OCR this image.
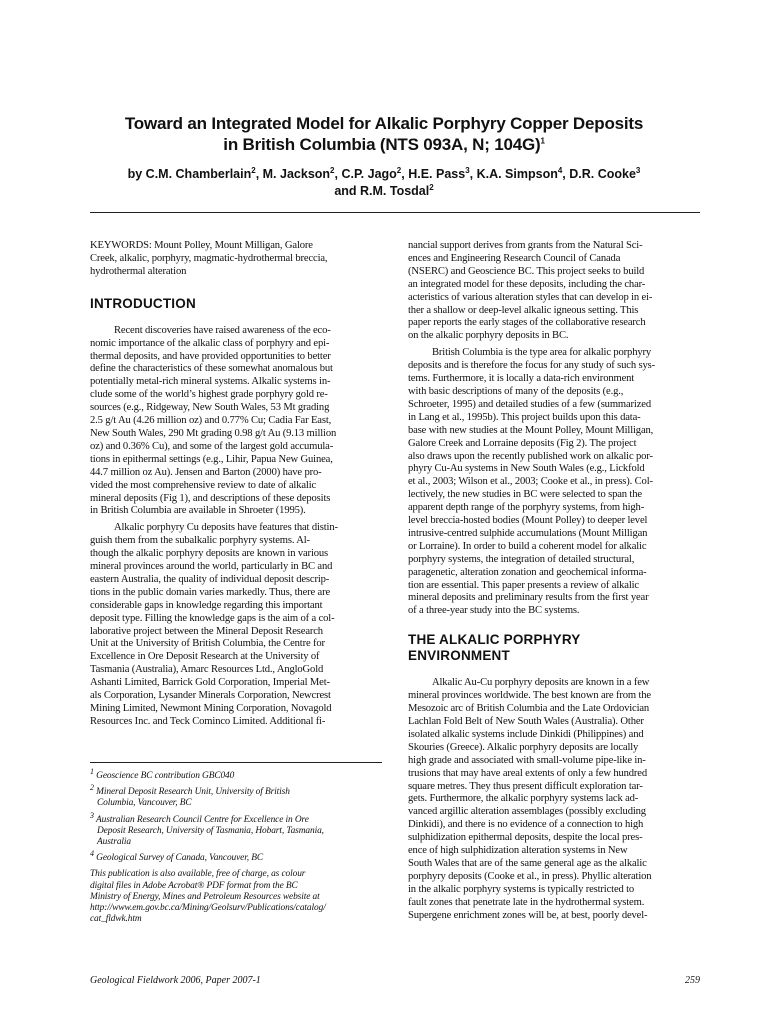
Toward an Integrated Model for Alkalic Porphyry Copper Deposits
in British Columbia (NTS 093A, N; 104G)$^1$
by C.M. Chamberlain$^2$, M. Jackson$^2$, C.P. Jago$^2$, H.E. Pass$^3$, K.A. Simpson$^4$, D.R. Cooke$^3$
and R.M. Tosdal$^2$
KEYWORDS: Mount Polley, Mount Milligan, Galore
Creek, alkalic, porphyry, magmatic-hydrothermal breccia,
hydrothermal alteration
INTRODUCTION
Recent discoveries have raised awareness of the eco-
nomic importance of the alkalic class of porphyry and epi-
thermal deposits, and have provided opportunities to better
define the characteristics of these somewhat anomalous but
potentially metal-rich mineral systems. Alkalic systems in-
clude some of the world’s highest grade porphyry gold re-
sources (e.g., Ridgeway, New South Wales, 53 Mt grading
2.5 g/t Au (4.26 million oz) and 0.77% Cu; Cadia Far East,
New South Wales, 290 Mt grading 0.98 g/t Au (9.13 million
oz) and 0.36% Cu), and some of the largest gold accumula-
tions in epithermal settings (e.g., Lihir, Papua New Guinea,
44.7 million oz Au). Jensen and Barton (2000) have pro-
vided the most comprehensive review to date of alkalic
mineral deposits (Fig 1), and descriptions of these deposits
in British Columbia are available in Shroeter (1995).
Alkalic porphyry Cu deposits have features that distin-
guish them from the subalkalic porphyry systems. Al-
though the alkalic porphyry deposits are known in various
mineral provinces around the world, particularly in BC and
eastern Australia, the quality of individual deposit descrip-
tions in the public domain varies markedly. Thus, there are
considerable gaps in knowledge regarding this important
deposit type. Filling the knowledge gaps is the aim of a col-
laborative project between the Mineral Deposit Research
Unit at the University of British Columbia, the Centre for
Excellence in Ore Deposit Research at the University of
Tasmania (Australia), Amarc Resources Ltd., AngloGold
Ashanti Limited, Barrick Gold Corporation, Imperial Met-
als Corporation, Lysander Minerals Corporation, Newcrest
Mining Limited, Newmont Mining Corporation, Novagold
Resources Inc. and Teck Cominco Limited. Additional fi-
$^1$ Geoscience BC contribution GBC040
$^2$ Mineral Deposit Research Unit, University of British
Columbia, Vancouver, BC
$^3$ Australian Research Council Centre for Excellence in Ore
Deposit Research, University of Tasmania, Hobart, Tasmania,
Australia
$^4$ Geological Survey of Canada, Vancouver, BC
This publication is also available, free of charge, as colour
digital files in Adobe Acrobat® PDF format from the BC
Ministry of Energy, Mines and Petroleum Resources website at
http://www.em.gov.bc.ca/Mining/Geolsurv/Publications/catalog/
cat_fldwk.htm
nancial support derives from grants from the Natural Sci-
ences and Engineering Research Council of Canada
(NSERC) and Geoscience BC. This project seeks to build
an integrated model for these deposits, including the char-
acteristics of various alteration styles that can develop in ei-
ther a shallow or deep-level alkalic igneous setting. This
paper reports the early stages of the collaborative research
on the alkalic porphyry deposits in BC.
British Columbia is the type area for alkalic porphyry
deposits and is therefore the focus for any study of such sys-
tems. Furthermore, it is locally a data-rich environment
with basic descriptions of many of the deposits (e.g.,
Schroeter, 1995) and detailed studies of a few (summarized
in Lang et al., 1995b). This project builds upon this data-
base with new studies at the Mount Polley, Mount Milligan,
Galore Creek and Lorraine deposits (Fig 2). The project
also draws upon the recently published work on alkalic por-
phyry Cu-Au systems in New South Wales (e.g., Lickfold
et al., 2003; Wilson et al., 2003; Cooke et al., in press). Col-
lectively, the new studies in BC were selected to span the
apparent depth range of the porphyry systems, from high-
level breccia-hosted bodies (Mount Polley) to deeper level
intrusive-centred sulphide accumulations (Mount Milligan
or Lorraine). In order to build a coherent model for alkalic
porphyry systems, the integration of detailed structural,
paragenetic, alteration zonation and geochemical informa-
tion are essential. This paper presents a review of alkalic
mineral deposits and preliminary results from the first year
of a three-year study into the BC systems.
THE ALKALIC PORPHYRY
ENVIRONMENT
Alkalic Au-Cu porphyry deposits are known in a few
mineral provinces worldwide. The best known are from the
Mesozoic arc of British Columbia and the Late Ordovician
Lachlan Fold Belt of New South Wales (Australia). Other
isolated alkalic systems include Dinkidi (Philippines) and
Skouries (Greece). Alkalic porphyry deposits are locally
high grade and associated with small-volume pipe-like in-
trusions that may have areal extents of only a few hundred
square metres. They thus present difficult exploration tar-
gets. Furthermore, the alkalic porphyry systems lack ad-
vanced argillic alteration assemblages (possibly excluding
Dinkidi), and there is no evidence of a connection to high
sulphidization epithermal deposits, despite the local pres-
ence of high sulphidization alteration systems in New
South Wales that are of the same general age as the alkalic
porphyry deposits (Cooke et al., in press). Phyllic alteration
in the alkalic porphyry systems is typically restricted to
fault zones that penetrate late in the hydrothermal system.
Supergene enrichment zones will be, at best, poorly devel-
Geological Fieldwork 2006, Paper 2007-1	259
